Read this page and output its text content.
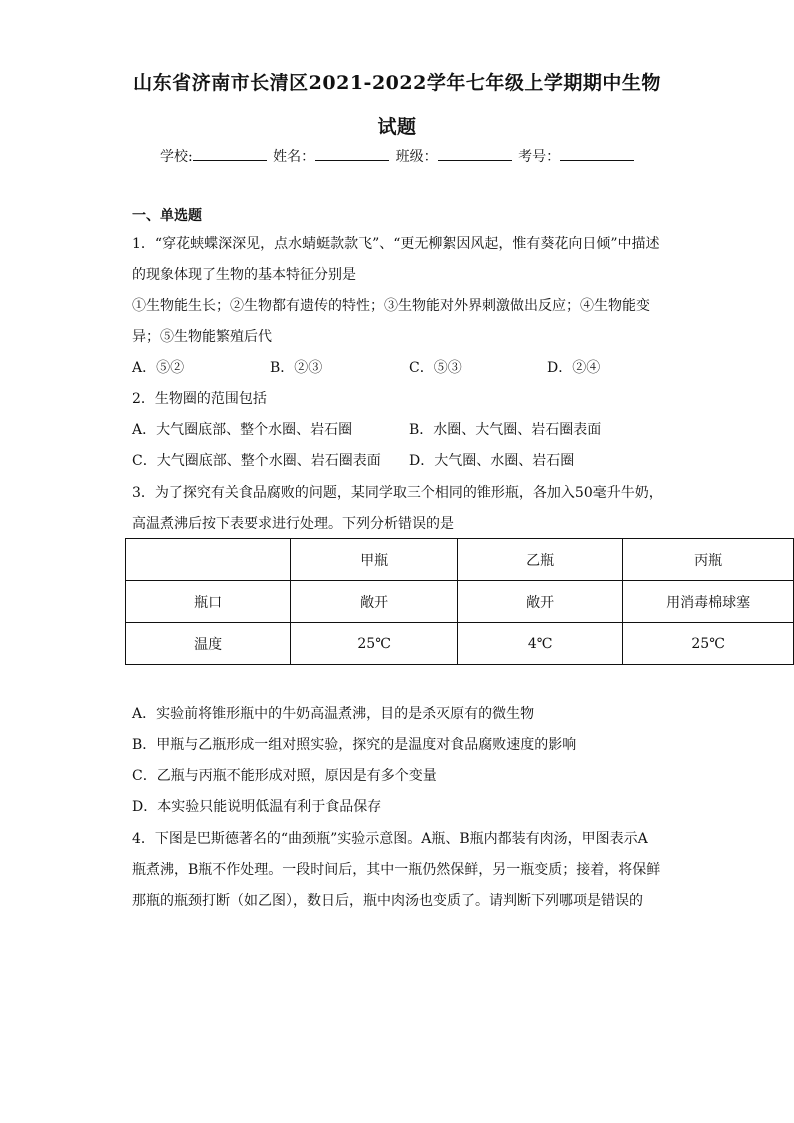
山东省济南市长清区2021-2022学年七年级上学期期中生物
试题
学校:	姓名：	班级：	考号：
一、单选题
1．“穿花蛱蝶深深见，点水蜻蜓款款飞”、“更无柳絮因风起，惟有葵花向日倾”中描述
的现象体现了生物的基本特征分别是
①生物能生长；②生物都有遗传的特性；③生物能对外界刺激做出反应；④生物能变
异；⑤生物能繁殖后代
A．⑤②	B．②③	C．⑤③	D．②④
2．生物圈的范围包括
A．大气圈底部、整个水圈、岩石圈	B．水圈、大气圈、岩石圈表面
C．大气圈底部、整个水圈、岩石圈表面 D．大气圈、水圈、岩石圈
3．为了探究有关食品腐败的问题，某同学取三个相同的锥形瓶，各加入50毫升牛奶，
高温煮沸后按下表要求进行处理。下列分析错误的是
	甲瓶	乙瓶	丙瓶
瓶口	敞开	敞开	用消毒棉球塞
温度	25℃	4℃	25℃
A．实验前将锥形瓶中的牛奶高温煮沸，目的是杀灭原有的微生物
B．甲瓶与乙瓶形成一组对照实验，探究的是温度对食品腐败速度的影响
C．乙瓶与丙瓶不能形成对照，原因是有多个变量
D．本实验只能说明低温有利于食品保存
4．下图是巴斯德著名的“曲颈瓶”实验示意图。A瓶、B瓶内都装有肉汤，甲图表示A
瓶煮沸，B瓶不作处理。一段时间后，其中一瓶仍然保鲜，另一瓶变质；接着，将保鲜
那瓶的瓶颈打断（如乙图），数日后，瓶中肉汤也变质了。请判断下列哪项是错误的
